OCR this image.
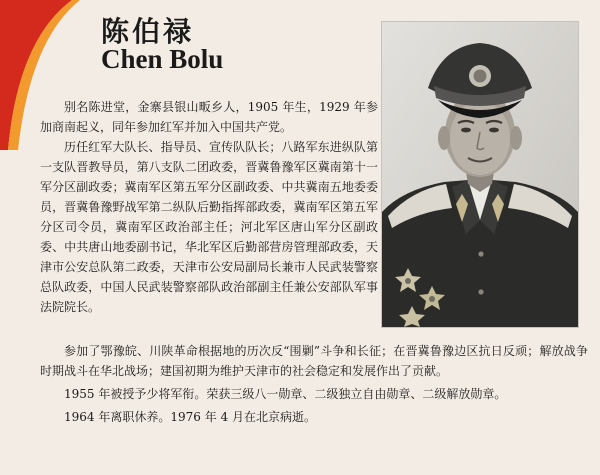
陈伯禄
Chen Bolu

别名陈进堂，金寨县银山畈乡人，1905 年生，1929 年参加商南起义，同年参加红军并加入中国共产党。

历任红军大队长、指导员、宣传队队长；八路军东进纵队第一支队晋教导员，第八支队二团政委，晋冀鲁豫军区冀南第十一军分区副政委；冀南军区第五军分区副政委、中共冀南五地委委员，晋冀鲁豫野战军第二纵队后勤指挥部政委，冀南军区第五军分区司令员，冀南军区政治部主任；河北军区唐山军分区副政委、中共唐山地委副书记，华北军区后勤部营房管理部政委，天津市公安总队第二政委，天津市公安局副局长兼市人民武装警察总队政委，中国人民武装警察部队政治部副主任兼公安部队军事法院院长。

参加了鄂豫皖、川陕革命根据地的历次反“围剿”斗争和长征；在晋冀鲁豫边区抗日反顽；解放战争时期战斗在华北战场；建国初期为维护天津市的社会稳定和发展作出了贡献。

1955 年被授予少将军衔。荣获三级八一勋章、二级独立自由勋章、二级解放勋章。

1964 年离职休养。1976 年 4 月在北京病逝。
